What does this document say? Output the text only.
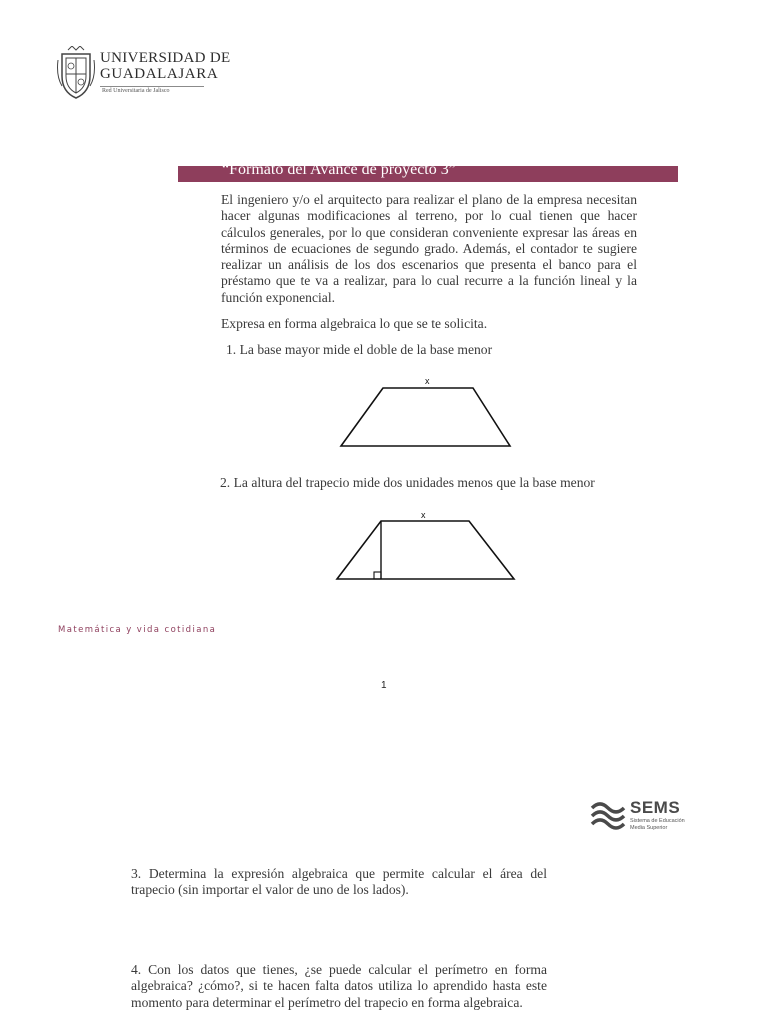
UNIVERSIDAD DE
GUADALAJARA
Red Universitaria de Jalisco
“Formato del Avance de proyecto 3”
El ingeniero y/o el arquitecto para realizar el plano de la empresa necesitan hacer algunas modificaciones al terreno, por lo cual tienen que hacer cálculos generales, por lo que consideran conveniente expresar las áreas en términos de ecuaciones de segundo grado. Además, el contador te sugiere realizar un análisis de los dos escenarios que presenta el banco para el préstamo que te va a realizar, para lo cual recurre a la función lineal y la función exponencial.
Expresa en forma algebraica lo que se te solicita.
1. La base mayor mide el doble de la base menor
x
2. La altura del trapecio mide dos unidades menos que la base menor
x
Matemática y vida cotidiana
1
SEMS
Sistema de Educación
Media Superior
3. Determina la expresión algebraica que permite calcular el área del trapecio (sin importar el valor de uno de los lados).
4. Con los datos que tienes, ¿se puede calcular el perímetro en forma algebraica? ¿cómo?, si te hacen falta datos utiliza lo aprendido hasta este momento para determinar el perímetro del trapecio en forma algebraica.
